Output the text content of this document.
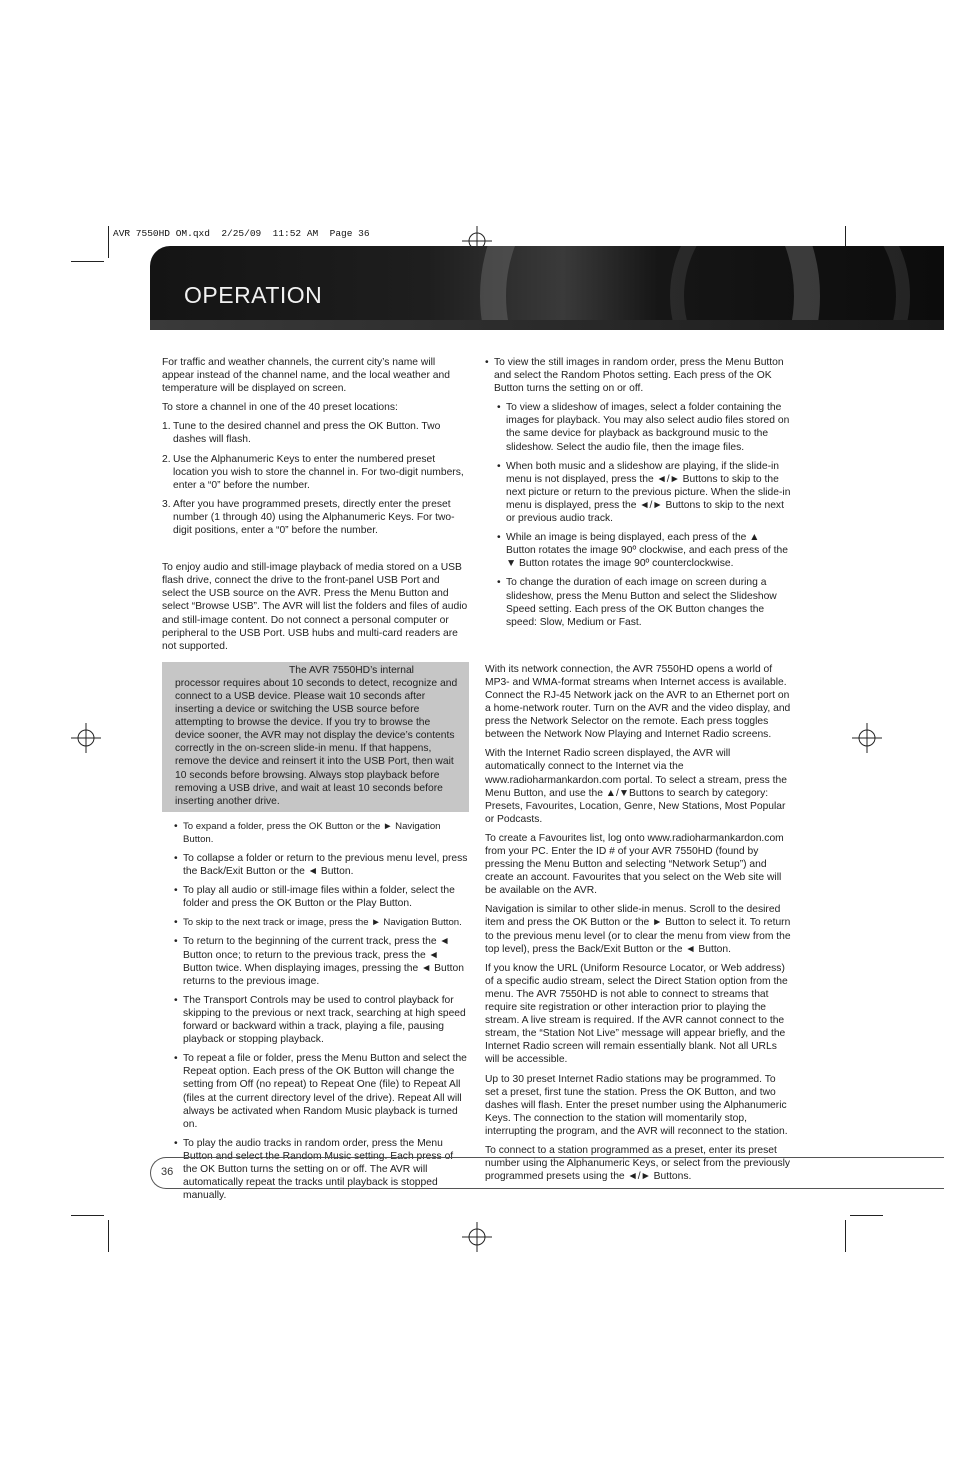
AVR 7550HD OM.qxd  2/25/09  11:52 AM  Page 36
OPERATION

For traffic and weather channels, the current city’s name will appear instead of the channel name, and the local weather and temperature will be displayed on screen.

To store a channel in one of the 40 preset locations:

1. Tune to the desired channel and press the OK Button. Two dashes will flash.
2. Use the Alphanumeric Keys to enter the numbered preset location you wish to store the channel in. For two-digit numbers, enter a “0” before the number.
3. After you have programmed presets, directly enter the preset number (1 through 40) using the Alphanumeric Keys. For two-digit positions, enter a “0” before the number.

To enjoy audio and still-image playback of media stored on a USB flash drive, connect the drive to the front-panel USB Port and select the USB source on the AVR. Press the Menu Button and select “Browse USB”. The AVR will list the folders and files of audio and still-image content. Do not connect a personal computer or peripheral to the USB Port. USB hubs and multi-card readers are not supported.

The AVR 7550HD’s internal processor requires about 10 seconds to detect, recognize and connect to a USB device. Please wait 10 seconds after inserting a device or switching the USB source before attempting to browse the device. If you try to browse the device sooner, the AVR may not display the device’s contents correctly in the on-screen slide-in menu. If that happens, remove the device and reinsert it into the USB Port, then wait 10 seconds before browsing. Always stop playback before removing a USB drive, and wait at least 10 seconds before inserting another drive.
• To expand a folder, press the OK Button or the ► Navigation Button.
• To collapse a folder or return to the previous menu level, press the Back/Exit Button or the ◄ Button.
• To play all audio or still-image files within a folder, select the folder and press the OK Button or the Play Button.
• To skip to the next track or image, press the ► Navigation Button.
• To return to the beginning of the current track, press the ◄ Button once; to return to the previous track, press the ◄ Button twice. When displaying images, pressing the ◄ Button returns to the previous image.
• The Transport Controls may be used to control playback for skipping to the previous or next track, searching at high speed forward or backward within a track, playing a file, pausing playback or stopping playback.
• To repeat a file or folder, press the Menu Button and select the Repeat option. Each press of the OK Button will change the setting from Off (no repeat) to Repeat One (file) to Repeat All (files at the current directory level of the drive). Repeat All will always be activated when Random Music playback is turned on.
• To play the audio tracks in random order, press the Menu Button and select the Random Music setting. Each press of the OK Button turns the setting on or off. The AVR will automatically repeat the tracks until playback is stopped manually.
• To view the still images in random order, press the Menu Button and select the Random Photos setting. Each press of the OK Button turns the setting on or off.
• To view a slideshow of images, select a folder containing the images for playback. You may also select audio files stored on the same device for playback as background music to the slideshow. Select the audio file, then the image files.
• When both music and a slideshow are playing, if the slide-in menu is not displayed, press the ◄/► Buttons to skip to the next picture or return to the previous picture. When the slide-in menu is displayed, press the ◄/► Buttons to skip to the next or previous audio track.
• While an image is being displayed, each press of the ▲ Button rotates the image 90º clockwise, and each press of the ▼ Button rotates the image 90º counterclockwise.
• To change the duration of each image on screen during a slideshow, press the Menu Button and select the Slideshow Speed setting. Each press of the OK Button changes the speed: Slow, Medium or Fast.

With its network connection, the AVR 7550HD opens a world of MP3- and WMA-format streams when Internet access is available. Connect the RJ-45 Network jack on the AVR to an Ethernet port on a home-network router. Turn on the AVR and the video display, and press the Network Selector on the remote. Each press toggles between the Network Now Playing and Internet Radio screens.

With the Internet Radio screen displayed, the AVR will automatically connect to the Internet via the www.radioharmankardon.com portal. To select a stream, press the Menu Button, and use the ▲/▼Buttons to search by category: Presets, Favourites, Location, Genre, New Stations, Most Popular or Podcasts.

To create a Favourites list, log onto www.radioharmankardon.com from your PC. Enter the ID # of your AVR 7550HD (found by pressing the Menu Button and selecting “Network Setup”) and create an account. Favourites that you select on the Web site will be available on the AVR.

Navigation is similar to other slide-in menus. Scroll to the desired item and press the OK Button or the ► Button to select it. To return to the previous menu level (or to clear the menu from view from the top level), press the Back/Exit Button or the ◄ Button.

If you know the URL (Uniform Resource Locator, or Web address) of a specific audio stream, select the Direct Station option from the menu. The AVR 7550HD is not able to connect to streams that require site registration or other interaction prior to playing the stream. A live stream is required. If the AVR cannot connect to the stream, the “Station Not Live” message will appear briefly, and the Internet Radio screen will remain essentially blank. Not all URLs will be accessible.

Up to 30 preset Internet Radio stations may be programmed. To set a preset, first tune the station. Press the OK Button, and two dashes will flash. Enter the preset number using the Alphanumeric Keys. The connection to the station will momentarily stop, interrupting the program, and the AVR will reconnect to the station.

To connect to a station programmed as a preset, enter its preset number using the Alphanumeric Keys, or select from the previously programmed presets using the ◄/► Buttons.

36
